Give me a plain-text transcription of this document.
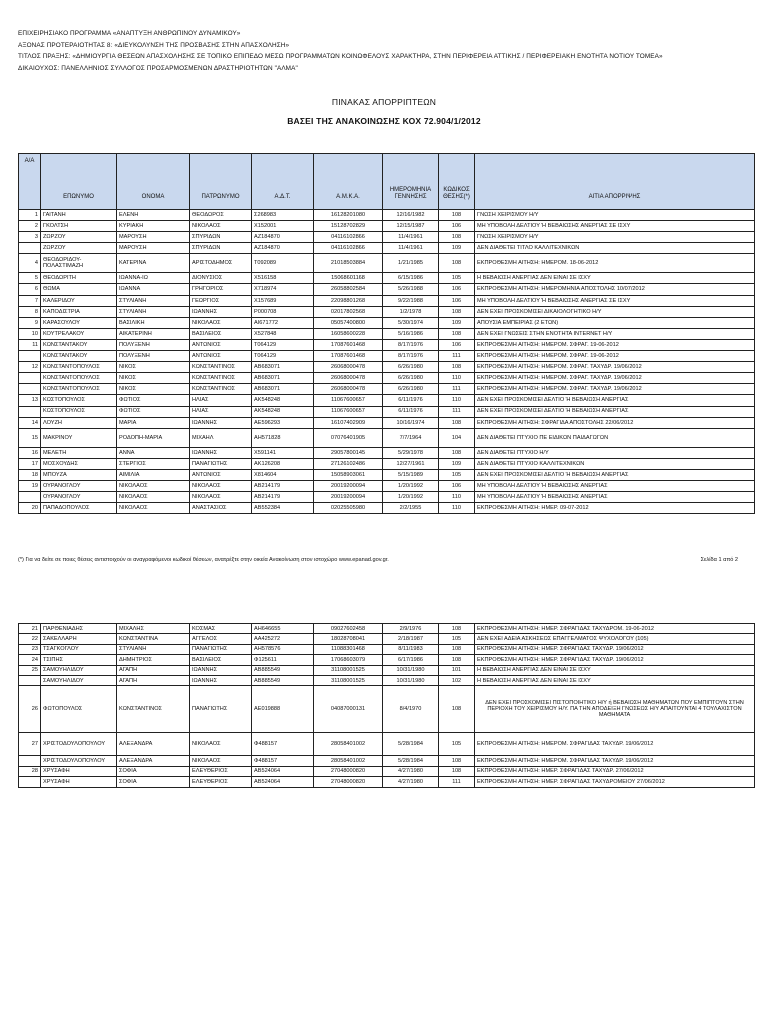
ΕΠΙΧΕΙΡΗΣΙΑΚΟ ΠΡΟΓΡΑΜΜΑ «ΑΝΑΠΤΥΞΗ ΑΝΘΡΩΠΙΝΟΥ ΔΥΝΑΜΙΚΟΥ»
ΑΞΟΝΑΣ ΠΡΟΤΕΡΑΙΟΤΗΤΑΣ 8: «ΔΙΕΥΚΟΛΥΝΣΗ ΤΗΣ ΠΡΟΣΒΑΣΗΣ ΣΤΗΝ ΑΠΑΣΧΟΛΗΣΗ»
ΤΙΤΛΟΣ ΠΡΑΞΗΣ: «ΔΗΜΙΟΥΡΓΙΑ ΘΕΣΕΩΝ ΑΠΑΣΧΟΛΗΣΗΣ ΣΕ ΤΟΠΙΚΟ ΕΠΙΠΕΔΟ ΜΕΣΩ ΠΡΟΓΡΑΜΜΑΤΩΝ ΚΟΙΝΩΦΕΛΟΥΣ ΧΑΡΑΚΤΗΡΑ, ΣΤΗΝ ΠΕΡΙΦΕΡΕΙΑ ΑΤΤΙΚΗΣ / ΠΕΡΙΦΕΡΕΙΑΚΗ ΕΝΟΤΗΤΑ ΝΟΤΙΟΥ ΤΟΜΕΑ»
ΔΙΚΑΙΟΥΧΟΣ: ΠΑΝΕΛΛΗΝΙΟΣ ΣΥΛΛΟΓΟΣ ΠΡΟΣΑΡΜΟΣΜΕΝΩΝ ΔΡΑΣΤΗΡΙΟΤΗΤΩΝ "ΑΛΜΑ"
ΠΙΝΑΚΑΣ ΑΠΟΡΡΙΠΤΕΩΝ
ΒΑΣΕΙ ΤΗΣ ΑΝΑΚΟΙΝΩΣΗΣ ΚΟΧ 72.904/1/2012
Α/Α	ΕΠΩΝΥΜΟ	ΟΝΟΜΑ	ΠΑΤΡΩΝΥΜΟ	Α.Δ.Τ.	Α.Μ.Κ.Α.	ΗΜΕΡΟΜΗΝΙΑ ΓΕΝΝΗΣΗΣ	ΚΩΔΙΚΟΣ ΘΕΣΗΣ(*)	ΑΙΤΙΑ ΑΠΟΡΡΙΨΗΣ
1	ΓΑΙΤΑΝΗ	ΕΛΕΝΗ	ΘΕΟΔΩΡΟΣ	Σ268983	16128201080	12/16/1982	108	ΓΝΩΣΗ ΧΕΙΡΙΣΜΟΥ Η/Υ
2	ΓΚΟΛΤΣΗ	ΚΥΡΙΑΚΗ	ΝΙΚΟΛΑΟΣ	Χ152001	15128702829	12/15/1987	106	ΜΗ ΥΠΟΒΟΛΗ ΔΕΛΤΙΟΥ Ή ΒΕΒΑΙΩΣΗΣ ΑΝΕΡΓΙΑΣ ΣΕ ΙΣΧΥ
3	ΖΩΡΖΟΥ	ΜΑΡΟΥΣΗ	ΣΠΥΡΙΔΩΝ	ΑΖ184870	04116102866	11/4/1961	108	ΓΝΩΣΗ ΧΕΙΡΙΣΜΟΥ Η/Υ
	ΖΩΡΖΟΥ	ΜΑΡΟΥΣΗ	ΣΠΥΡΙΔΩΝ	ΑΖ184870	04116102866	11/4/1961	109	ΔΕΝ ΔΙΑΘΕΤΕΙ ΤΙΤΛΟ ΚΑΛΛΙΤΕΧΝΙΚΩΝ
4	ΘΕΟΔΩΡΙΔΟΥ-ΠΟΛΑΣΤΙΜΑΖΗ	ΚΑΤΕΡΙΝΑ	ΑΡΙΣΤΟΔΗΜΟΣ	Τ092089	21018503884	1/21/1985	108	ΕΚΠΡΟΘΕΣΜΗ ΑΙΤΗΣΗ: ΗΜΕΡΟΜ. 18-06-2012
5	ΘΕΟΔΩΡΙΤΗ	ΙΩΑΝΝΑ-ΙΩ	ΔΙΟΝΥΣΙΟΣ	Χ516158	15068601168	6/15/1986	105	Η ΒΕΒΑΙΩΣΗ ΑΝΕΡΓΙΑΣ ΔΕΝ ΕΙΝΑΙ ΣΕ ΙΣΧΥ
6	ΘΩΜΑ	ΙΩΑΝΝΑ	ΓΡΗΓΟΡΙΟΣ	Χ718974	26058802584	5/26/1988	106	ΕΚΠΡΟΘΕΣΜΗ ΑΙΤΗΣΗ: ΗΜΕΡΟΜΗΝΙΑ ΑΠΟΣΤΟΛΗΣ 10/07/2012
7	ΚΑΛΕΡΙΔΟΥ	ΣΤΥΛΙΑΝΗ	ΓΕΩΡΓΙΟΣ	Χ157689	22098801268	9/22/1988	106	ΜΗ ΥΠΟΒΟΛΗ ΔΕΛΤΙΟΥ Ή ΒΕΒΑΙΩΣΗΣ ΑΝΕΡΓΙΑΣ ΣΕ ΙΣΧΥ
8	ΚΑΠΟΔΙΣΤΡΙΑ	ΣΤΥΛΙΑΝΗ	ΙΩΑΝΝΗΣ	Ρ000708	02017802568	1/2/1978	108	ΔΕΝ ΕΧΕΙ ΠΡΟΣΚΟΜΙΣΕΙ ΔΙΚΑΙΟΛΟΓΗΤΙΚΟ Η/Υ
9	ΚΑΡΑΣΟΥΛΟΥ	ΒΑΣΙΛΙΚΗ	ΝΙΚΟΛΑΟΣ	ΑΙ671772	05057400800	5/30/1974	109	ΑΠΟΥΣΙΑ ΕΜΠΕΙΡΙΑΣ (2 ΕΤΩΝ)
10	ΚΟΥΤΡΕΛΑΚΟΥ	ΑΙΚΑΤΕΡΙΝΗ	ΒΑΣΙΛΕΙΟΣ	Χ527848	16058600228	5/16/1986	108	ΔΕΝ ΕΧΕΙ ΓΝΩΣΕΙΣ ΣΤΗΝ ΕΝΟΤΗΤΑ INTERNET Η/Υ
11	ΚΩΝΣΤΑΝΤΑΚΟΥ	ΠΟΛΥΞΕΝΗ	ΑΝΤΩΝΙΟΣ	Τ064129	17087601468	8/17/1976	106	ΕΚΠΡΟΘΕΣΜΗ ΑΙΤΗΣΗ: ΗΜΕΡΟΜ. ΣΦΡΑΓ. 19-06-2012
	ΚΩΝΣΤΑΝΤΑΚΟΥ	ΠΟΛΥΞΕΝΗ	ΑΝΤΩΝΙΟΣ	Τ064129	17087601468	8/17/1976	111	ΕΚΠΡΟΘΕΣΜΗ ΑΙΤΗΣΗ: ΗΜΕΡΟΜ. ΣΦΡΑΓ. 19-06-2012
12	ΚΩΝΣΤΑΝΤΟΠΟΥΛΟΣ	ΝΙΚΟΣ	ΚΩΝΣΤΑΝΤΙΝΟΣ	ΑΒ683071	26068000478	6/26/1980	108	ΕΚΠΡΟΘΕΣΜΗ ΑΙΤΗΣΗ: ΗΜΕΡΟΜ. ΣΦΡΑΓ. ΤΑΧΥΔΡ. 19/06/2012
	ΚΩΝΣΤΑΝΤΟΠΟΥΛΟΣ	ΝΙΚΟΣ	ΚΩΝΣΤΑΝΤΙΝΟΣ	ΑΒ683071	26068000478	6/26/1980	110	ΕΚΠΡΟΘΕΣΜΗ ΑΙΤΗΣΗ: ΗΜΕΡΟΜ. ΣΦΡΑΓ. ΤΑΧΥΔΡ. 19/06/2012
	ΚΩΝΣΤΑΝΤΟΠΟΥΛΟΣ	ΝΙΚΟΣ	ΚΩΝΣΤΑΝΤΙΝΟΣ	ΑΒ683071	26068000478	6/26/1980	111	ΕΚΠΡΟΘΕΣΜΗ ΑΙΤΗΣΗ: ΗΜΕΡΟΜ. ΣΦΡΑΓ. ΤΑΧΥΔΡ. 19/06/2012
13	ΚΩΣΤΟΠΟΥΛΟΣ	ΦΩΤΙΟΣ	ΗΛΙΑΣ	ΑΚ548248	11067600657	6/11/1976	110	ΔΕΝ ΕΧΕΙ ΠΡΟΣΚΟΜΙΣΕΙ ΔΕΛΤΙΟ Ή ΒΕΒΑΙΩΣΗ ΑΝΕΡΓΙΑΣ
	ΚΩΣΤΟΠΟΥΛΟΣ	ΦΩΤΙΟΣ	ΗΛΙΑΣ	ΑΚ548248	11067600657	6/11/1976	111	ΔΕΝ ΕΧΕΙ ΠΡΟΣΚΟΜΙΣΕΙ ΔΕΛΤΙΟ Ή ΒΕΒΑΙΩΣΗ ΑΝΕΡΓΙΑΣ
14	ΛΟΥΖΗ	ΜΑΡΙΑ	ΙΩΑΝΝΗΣ	ΑΕ596293	16107402909	10/16/1974	108	ΕΚΠΡΟΘΕΣΜΗ ΑΙΤΗΣΗ: ΣΦΡΑΓΙΔΑ ΑΠΟΣΤΟΛΗΣ 22/06/2012
15	ΜΑΚΡΙΝΟΥ	ΡΟΔΟΠΗ-ΜΑΡΙΑ	ΜΙΧΑΗΛ	ΑΗ571828	07076401905	7/7/1964	104	ΔΕΝ ΔΙΑΘΕΤΕΙ ΠΤΥΧΙΟ ΠΕ ΕΙΔΙΚΩΝ ΠΑΙΔΑΓΩΓΩΝ
16	ΜΕΛΕΤΗ	ΑΝΝΑ	ΙΩΑΝΝΗΣ	Χ591141	29057800145	5/29/1978	108	ΔΕΝ ΔΙΑΘΕΤΕΙ ΠΤΥΧΙΟ Η/Υ
17	ΜΟΣΧΟΥΔΗΣ	ΣΤΕΡΓΙΟΣ	ΠΑΝΑΓΙΩΤΗΣ	ΑΚ126208	27126102486	12/27/1961	109	ΔΕΝ ΔΙΑΘΕΤΕΙ ΠΤΥΧΙΟ ΚΑΛΛΙΤΕΧΝΙΚΩΝ
18	ΜΠΟΥΖΑ	ΑΙΜΙΛΙΑ	ΑΝΤΩΝΙΟΣ	Χ814604	15058903061	5/15/1989	105	ΔΕΝ ΕΧΕΙ ΠΡΟΣΚΟΜΙΣΕΙ ΔΕΛΤΙΟ Ή ΒΕΒΑΙΩΣΗ ΑΝΕΡΓΙΑΣ
19	ΟΥΡΑΝΟΓΛΟΥ	ΝΙΚΟΛΑΟΣ	ΝΙΚΟΛΑΟΣ	ΑΒ214179	20019200094	1/20/1992	106	ΜΗ ΥΠΟΒΟΛΗ ΔΕΛΤΙΟΥ Ή ΒΕΒΑΙΩΣΗΣ ΑΝΕΡΓΙΑΣ
	ΟΥΡΑΝΟΓΛΟΥ	ΝΙΚΟΛΑΟΣ	ΝΙΚΟΛΑΟΣ	ΑΒ214179	20019200094	1/20/1992	110	ΜΗ ΥΠΟΒΟΛΗ ΔΕΛΤΙΟΥ Ή ΒΕΒΑΙΩΣΗΣ ΑΝΕΡΓΙΑΣ
20	ΠΑΠΑΔΟΠΟΥΛΟΣ	ΝΙΚΟΛΑΟΣ	ΑΝΑΣΤΑΣΙΟΣ	ΑΒ552384	02025505980	2/2/1955	110	ΕΚΠΡΟΘΕΣΜΗ ΑΙΤΗΣΗ: ΗΜΕΡ. 09-07-2012
(*) Για να δείτε σε ποιες θέσεις αντιστοιχούν οι αναγραφόμενοι κωδικοί θέσεων, ανατρέξτε στην οικεία Ανακοίνωση στον ιστοχώρο www.epanad.gov.gr.	Σελίδα 1 από 2
21	ΠΑΡΘΕΝΙΑΔΗΣ	ΜΙΧΑΛΗΣ	ΚΟΣΜΑΣ	ΑΗ646655	09027602458	2/9/1976	108	ΕΚΠΡΟΘΕΣΜΗ ΑΙΤΗΣΗ: ΗΜΕΡ. ΣΦΡΑΓΙΔΑΣ ΤΑΧΥΔΡΟΜ. 19-06-2012
22	ΣΑΚΕΛΛΑΡΗ	ΚΩΝΣΤΑΝΤΙΝΑ	ΑΓΓΕΛΟΣ	ΑΑ425272	18028708041	2/18/1987	105	ΔΕΝ ΕΧΕΙ ΑΔΕΙΑ ΑΣΚΗΣΕΩΣ ΕΠΑΓΓΕΛΜΑΤΟΣ ΨΥΧΟΛΟΓΟΥ (105)
23	ΤΣΑΓΚΟΓΛΟΥ	ΣΤΥΛΙΑΝΗ	ΠΑΝΑΓΙΩΤΗΣ	ΑΗ578576	11088301468	8/11/1983	108	ΕΚΠΡΟΘΕΣΜΗ ΑΙΤΗΣΗ: ΗΜΕΡ. ΣΦΡΑΓΙΔΑΣ ΤΑΧΥΔΡ. 19/06/2012
24	ΤΣΙΠΗΣ	ΔΗΜΗΤΡΙΟΣ	ΒΑΣΙΛΕΙΟΣ	Φ125611	17068603079	6/17/1986	108	ΕΚΠΡΟΘΕΣΜΗ ΑΙΤΗΣΗ: ΗΜΕΡ. ΣΦΡΑΓΙΔΑΣ ΤΑΧΥΔΡ. 19/06/2012
25	ΣΑΜΟΥΗΛΙΔΟΥ	ΑΓΑΠΗ	ΙΩΑΝΝΗΣ	ΑΒ885549	31108001525	10/31/1980	101	Η ΒΕΒΑΙΩΣΗ ΑΝΕΡΓΙΑΣ ΔΕΝ ΕΙΝΑΙ ΣΕ ΙΣΧΥ
	ΣΑΜΟΥΗΛΙΔΟΥ	ΑΓΑΠΗ	ΙΩΑΝΝΗΣ	ΑΒ885549	31108001525	10/31/1980	102	Η ΒΕΒΑΙΩΣΗ ΑΝΕΡΓΙΑΣ ΔΕΝ ΕΙΝΑΙ ΣΕ ΙΣΧΥ
26	ΦΩΤΟΠΟΥΛΟΣ	ΚΩΝΣΤΑΝΤΙΝΟΣ	ΠΑΝΑΓΙΩΤΗΣ	ΑΕ019888	04087000131	8/4/1970	108	ΔΕΝ ΕΧΕΙ ΠΡΟΣΚΟΜΙΣΕΙ ΠΙΣΤΟΠΟΙΗΤΙΚΟ Η/Υ ή ΒΕΒΑΙΩΣΗ ΜΑΘΗΜΑΤΩΝ ΠΟΥ ΕΜΠΙΠΤΟΥΝ ΣΤΗΝ ΠΕΡΙΟΧΗ ΤΟΥ ΧΕΙΡΙΣΜΟΥ Η/Υ. ΠΑ ΤΗΝ ΑΠΟΔΕΙΞΗ ΓΝΩΣΕΩΣ Η/Υ ΑΠΑΙΤΟΥΝΤΑΙ 4 ΤΟΥΛΑΧΙΣΤΟΝ ΜΑΘΗΜΑΤΑ
27	ΧΡΙΣΤΟΔΟΥΛΟΠΟΥΛΟΥ	ΑΛΕΞΑΝΔΡΑ	ΝΙΚΟΛΑΟΣ	Φ488157	28058401002	5/28/1984	105	ΕΚΠΡΟΘΕΣΜΗ ΑΙΤΗΣΗ: ΗΜΕΡΟΜ. ΣΦΡΑΓΙΔΑΣ ΤΑΧΥΔΡ. 19/06/2012
	ΧΡΙΣΤΟΔΟΥΛΟΠΟΥΛΟΥ	ΑΛΕΞΑΝΔΡΑ	ΝΙΚΟΛΑΟΣ	Φ488157	28058401002	5/28/1984	108	ΕΚΠΡΟΘΕΣΜΗ ΑΙΤΗΣΗ: ΗΜΕΡΟΜ. ΣΦΡΑΓΙΔΑΣ ΤΑΧΥΔΡ. 19/06/2012
28	ΧΡΥΣΑΦΗ	ΣΟΦΙΑ	ΕΛΕΥΘΕΡΙΟΣ	ΑΒ524064	27048000820	4/27/1980	108	ΕΚΠΡΟΘΕΣΜΗ ΑΙΤΗΣΗ: ΗΜΕΡ. ΣΦΡΑΓΙΔΑΣ ΤΑΧΥΔΡ. 27/06/2012
	ΧΡΥΣΑΦΗ	ΣΟΦΙΑ	ΕΛΕΥΘΕΡΙΟΣ	ΑΒ524064	27048000820	4/27/1980	111	ΕΚΠΡΟΘΕΣΜΗ ΑΙΤΗΣΗ: ΗΜΕΡ. ΣΦΡΑΓΙΔΑΣ ΤΑΧΥΔΡΟΜΕΙΟΥ 27/06/2012
